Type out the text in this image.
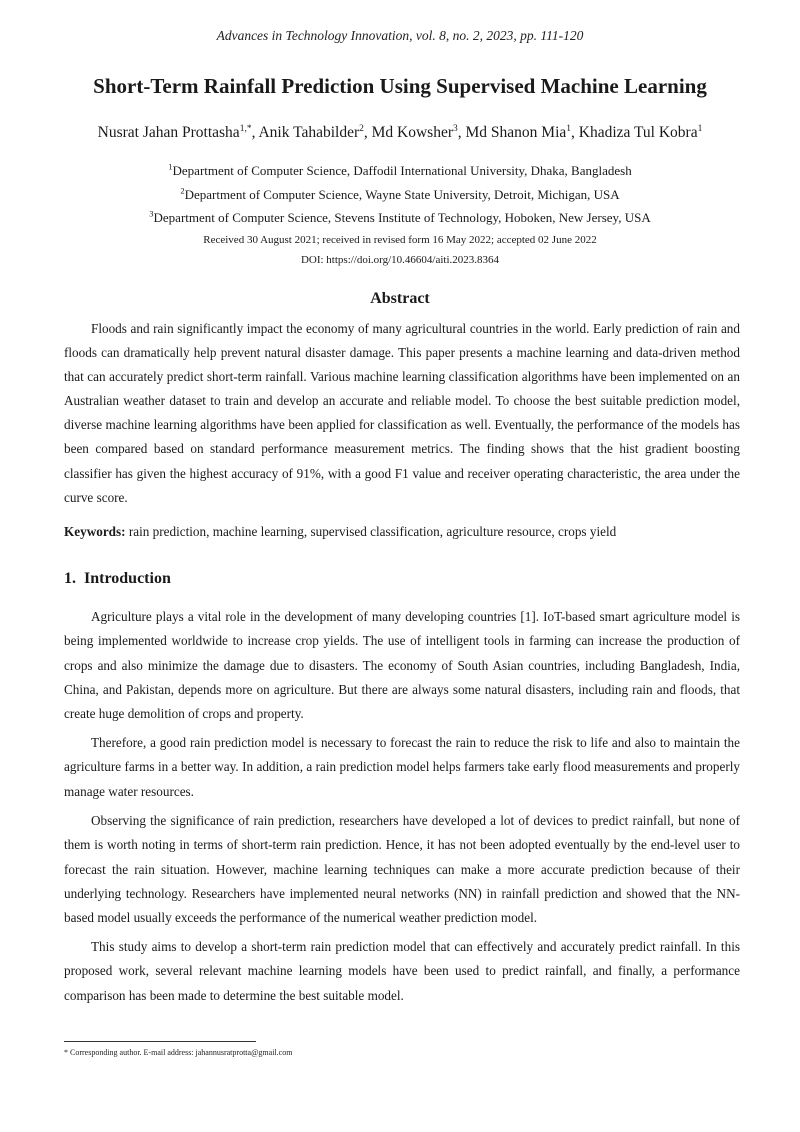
Advances in Technology Innovation, vol. 8, no. 2, 2023, pp. 111-120
Short-Term Rainfall Prediction Using Supervised Machine Learning
Nusrat Jahan Prottasha$^{1,*}$, Anik Tahabilder$^2$, Md Kowsher$^3$, Md Shanon Mia$^1$, Khadiza Tul Kobra$^1$
$^1$Department of Computer Science, Daffodil International University, Dhaka, Bangladesh
$^2$Department of Computer Science, Wayne State University, Detroit, Michigan, USA
$^3$Department of Computer Science, Stevens Institute of Technology, Hoboken, New Jersey, USA
Received 30 August 2021; received in revised form 16 May 2022; accepted 02 June 2022
DOI: https://doi.org/10.46604/aiti.2023.8364
Abstract

Floods and rain significantly impact the economy of many agricultural countries in the world. Early prediction of rain and floods can dramatically help prevent natural disaster damage. This paper presents a machine learning and data-driven method that can accurately predict short-term rainfall. Various machine learning classification algorithms have been implemented on an Australian weather dataset to train and develop an accurate and reliable model. To choose the best suitable prediction model, diverse machine learning algorithms have been applied for classification as well. Eventually, the performance of the models has been compared based on standard performance measurement metrics. The finding shows that the hist gradient boosting classifier has given the highest accuracy of 91%, with a good F1 value and receiver operating characteristic, the area under the curve score.

Keywords: rain prediction, machine learning, supervised classification, agriculture resource, crops yield
1. Introduction

Agriculture plays a vital role in the development of many developing countries [1]. IoT-based smart agriculture model is being implemented worldwide to increase crop yields. The use of intelligent tools in farming can increase the production of crops and also minimize the damage due to disasters. The economy of South Asian countries, including Bangladesh, India, China, and Pakistan, depends more on agriculture. But there are always some natural disasters, including rain and floods, that create huge demolition of crops and property.

Therefore, a good rain prediction model is necessary to forecast the rain to reduce the risk to life and also to maintain the agriculture farms in a better way. In addition, a rain prediction model helps farmers take early flood measurements and properly manage water resources.

Observing the significance of rain prediction, researchers have developed a lot of devices to predict rainfall, but none of them is worth noting in terms of short-term rain prediction. Hence, it has not been adopted eventually by the end-level user to forecast the rain situation. However, machine learning techniques can make a more accurate prediction because of their underlying technology. Researchers have implemented neural networks (NN) in rainfall prediction and showed that the NN-based model usually exceeds the performance of the numerical weather prediction model.

This study aims to develop a short-term rain prediction model that can effectively and accurately predict rainfall. In this proposed work, several relevant machine learning models have been used to predict rainfall, and finally, a performance comparison has been made to determine the best suitable model.

* Corresponding author. E-mail address: jahannusratprotta@gmail.com
